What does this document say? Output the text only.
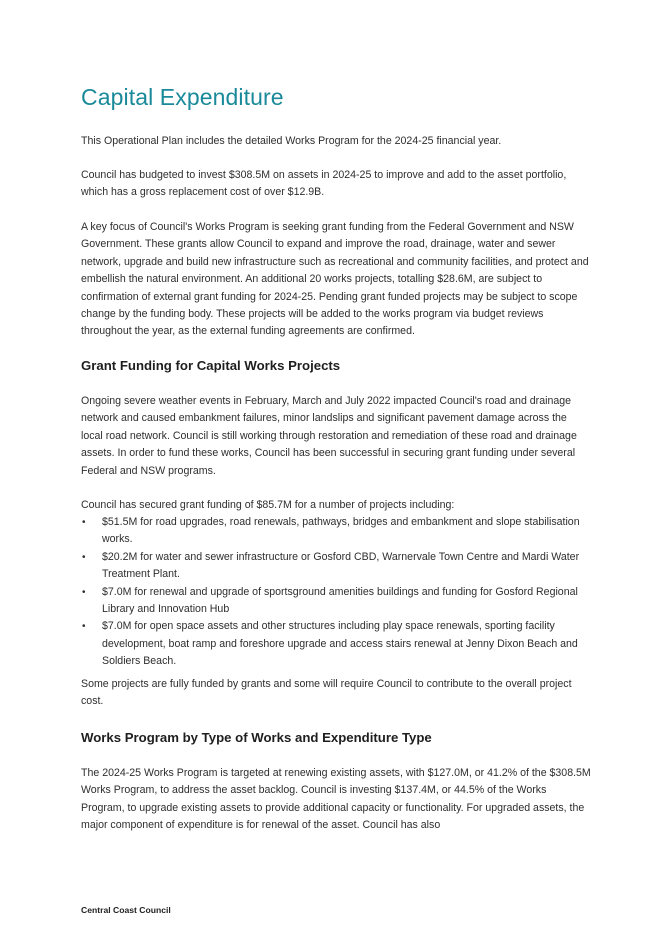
Capital Expenditure

This Operational Plan includes the detailed Works Program for the 2024-25 financial year.

Council has budgeted to invest $308.5M on assets in 2024-25 to improve and add to the asset portfolio, which has a gross replacement cost of over $12.9B.

A key focus of Council's Works Program is seeking grant funding from the Federal Government and NSW Government. These grants allow Council to expand and improve the road, drainage, water and sewer network, upgrade and build new infrastructure such as recreational and community facilities, and protect and embellish the natural environment. An additional 20 works projects, totalling $28.6M, are subject to confirmation of external grant funding for 2024-25. Pending grant funded projects may be subject to scope change by the funding body. These projects will be added to the works program via budget reviews throughout the year, as the external funding agreements are confirmed.

Grant Funding for Capital Works Projects

Ongoing severe weather events in February, March and July 2022 impacted Council's road and drainage network and caused embankment failures, minor landslips and significant pavement damage across the local road network. Council is still working through restoration and remediation of these road and drainage assets. In order to fund these works, Council has been successful in securing grant funding under several Federal and NSW programs.

Council has secured grant funding of $85.7M for a number of projects including:

• $51.5M for road upgrades, road renewals, pathways, bridges and embankment and slope stabilisation works.
• $20.2M for water and sewer infrastructure or Gosford CBD, Warnervale Town Centre and Mardi Water Treatment Plant.
• $7.0M for renewal and upgrade of sportsground amenities buildings and funding for Gosford Regional Library and Innovation Hub
• $7.0M for open space assets and other structures including play space renewals, sporting facility development, boat ramp and foreshore upgrade and access stairs renewal at Jenny Dixon Beach and Soldiers Beach.

Some projects are fully funded by grants and some will require Council to contribute to the overall project cost.

Works Program by Type of Works and Expenditure Type

The 2024-25 Works Program is targeted at renewing existing assets, with $127.0M, or 41.2% of the $308.5M Works Program, to address the asset backlog. Council is investing $137.4M, or 44.5% of the Works Program, to upgrade existing assets to provide additional capacity or functionality. For upgraded assets, the major component of expenditure is for renewal of the asset. Council has also

Central Coast Council
